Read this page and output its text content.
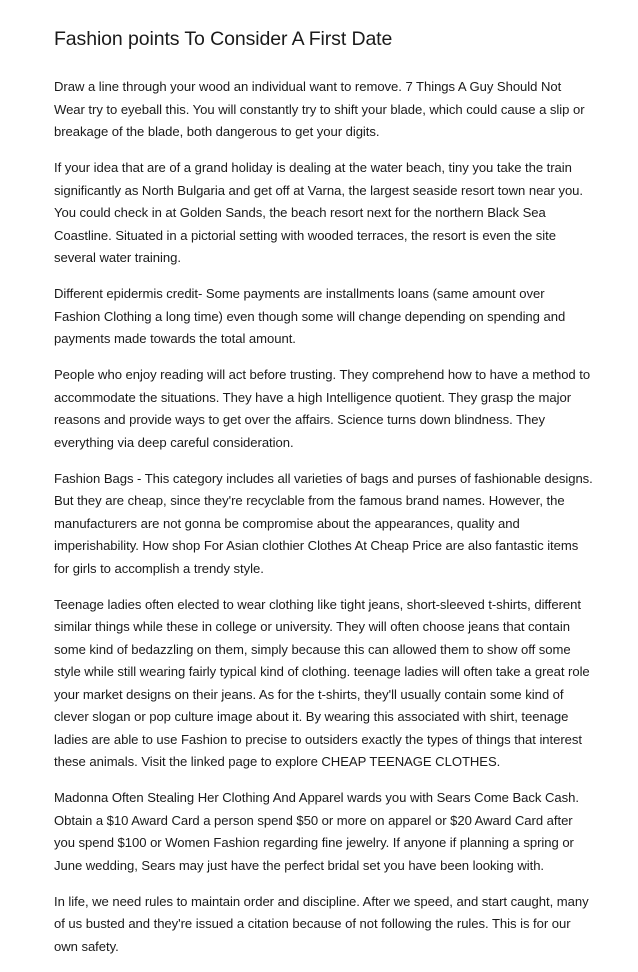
Fashion points To Consider A First Date

Draw a line through your wood an individual want to remove. 7 Things A Guy Should Not Wear try to eyeball this. You will constantly try to shift your blade, which could cause a slip or breakage of the blade, both dangerous to get your digits.

If your idea that are of a grand holiday is dealing at the water beach, tiny you take the train significantly as North Bulgaria and get off at Varna, the largest seaside resort town near you. You could check in at Golden Sands, the beach resort next for the northern Black Sea Coastline. Situated in a pictorial setting with wooded terraces, the resort is even the site several water training.

Different epidermis credit- Some payments are installments loans (same amount over Fashion Clothing a long time) even though some will change depending on spending and payments made towards the total amount.

People who enjoy reading will act before trusting. They comprehend how to have a method to accommodate the situations. They have a high Intelligence quotient. They grasp the major reasons and provide ways to get over the affairs. Science turns down blindness. They everything via deep careful consideration.

Fashion Bags - This category includes all varieties of bags and purses of fashionable designs. But they are cheap, since they're recyclable from the famous brand names. However, the manufacturers are not gonna be compromise about the appearances, quality and imperishability. How shop For Asian clothier Clothes At Cheap Price are also fantastic items for girls to accomplish a trendy style.

Teenage ladies often elected to wear clothing like tight jeans, short-sleeved t-shirts, different similar things while these in college or university. They will often choose jeans that contain some kind of bedazzling on them, simply because this can allowed them to show off some style while still wearing fairly typical kind of clothing. teenage ladies will often take a great role your market designs on their jeans. As for the t-shirts, they'll usually contain some kind of clever slogan or pop culture image about it. By wearing this associated with shirt, teenage ladies are able to use Fashion to precise to outsiders exactly the types of things that interest these animals. Visit the linked page to explore CHEAP TEENAGE CLOTHES.

Madonna Often Stealing Her Clothing And Apparel wards you with Sears Come Back Cash. Obtain a $10 Award Card a person spend $50 or more on apparel or $20 Award Card after you spend $100 or Women Fashion regarding fine jewelry. If anyone if planning a spring or June wedding, Sears may just have the perfect bridal set you have been looking with.

In life, we need rules to maintain order and discipline. After we speed, and start caught, many of us busted and they're issued a citation because of not following the rules. This is for our own safety.
